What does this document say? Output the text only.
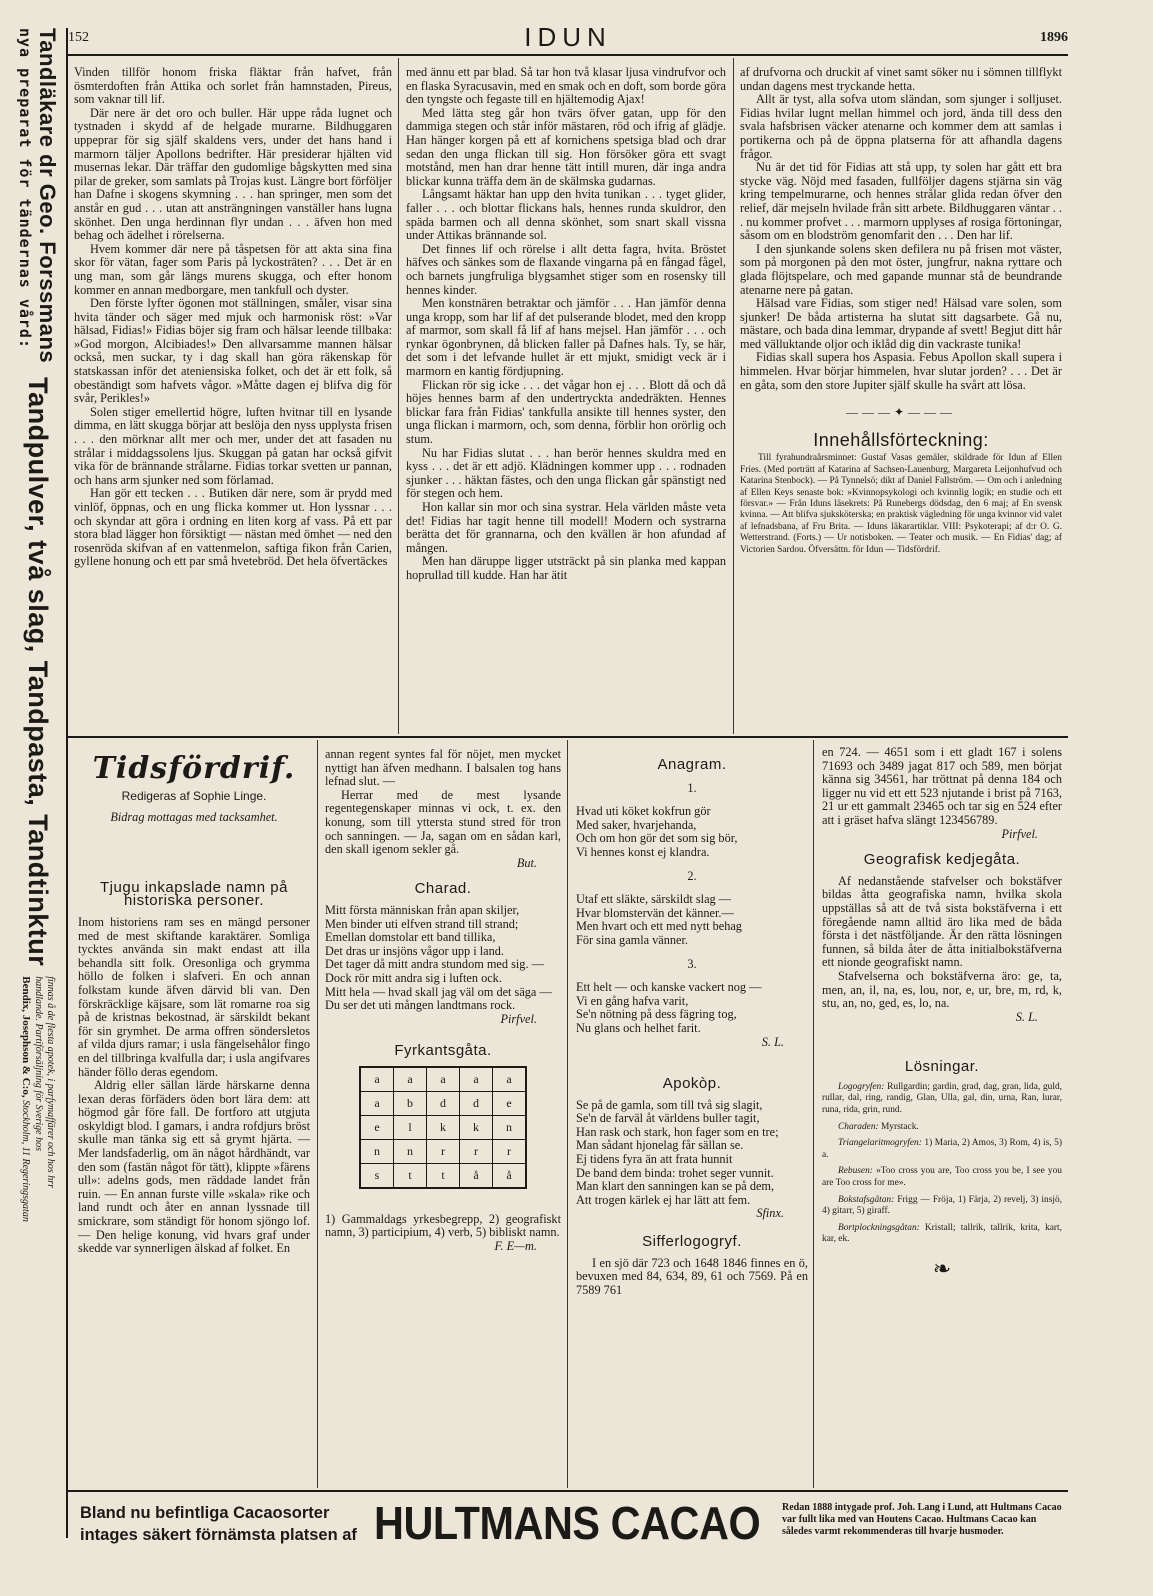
Tandläkare dr Geo. Forssmans
nya preparat för tändernas vård:
Tandpulver, två slag, Tandpasta, Tandtinktur
finnas å de flesta apotek, i parfymaffärer och hos hrr
handlande. Partiförsäljning för Sverige hos
Bendix, Josephson & C:o, Stockholm, 11 Regeringsgatan
152	IDUN	1896

Vinden tillför honom friska fläktar från hafvet, från ösmterdoften från Attika och sorlet från hamnstaden, Pireus, som vaknar till lif.

Där nere är det oro och buller. Här uppe råda lugnet och tystnaden i skydd af de helgade murarne. Bildhuggaren uppeprar för sig själf skaldens vers, under det hans hand i marmorn täljer Apollons bedrifter. Här presiderar hjälten vid musernas lekar. Där träffar den gudomlige bågskytten med sina pilar de greker, som samlats på Trojas kust. Längre bort förföljer han Dafne i skogens skymning . . . han springer, men som det anstår en gud . . . utan att ansträngningen vanställer hans lugna skönhet. Den unga herdinnan flyr undan . . . äfven hon med behag och ädelhet i rörelserna.

Hvem kommer där nere på tåspetsen för att akta sina fina skor för vätan, fager som Paris på lyckosträten? . . . Det är en ung man, som går längs murens skugga, och efter honom kommer en annan medborgare, men tankfull och dyster.

Den förste lyfter ögonen mot ställningen, småler, visar sina hvita tänder och säger med mjuk och harmonisk röst: »Var hälsad, Fidias!» Fidias böjer sig fram och hälsar leende tillbaka: »God morgon, Alcibiades!» Den allvarsamme mannen hälsar också, men suckar, ty i dag skall han göra räkenskap för statskassan inför det ateniensiska folket, och det är ett folk, så obeständigt som hafvets vågor. »Måtte dagen ej blifva dig för svår, Perikles!»

Solen stiger emellertid högre, luften hvitnar till en lysande dimma, en lätt skugga börjar att beslöja den nyss upplysta frisen . . . den mörknar allt mer och mer, under det att fasaden nu strålar i middagssolens ljus. Skuggan på gatan har också gifvit vika för de brännande strålarne. Fidias torkar svetten ur pannan, och hans arm sjunker ned som förlamad.

Han gör ett tecken . . . Butiken där nere, som är prydd med vinlöf, öppnas, och en ung flicka kommer ut. Hon lyssnar . . . och skyndar att göra i ordning en liten korg af vass. På ett par stora blad lägger hon försiktigt — nästan med ömhet — ned den rosenröda skifvan af en vattenmelon, saftiga fikon från Carien, gyllene honung och ett par små hvetebröd. Det hela öfvertäckes

med ännu ett par blad. Så tar hon två klasar ljusa vindrufvor och en flaska Syracusavin, med en smak och en doft, som borde göra den tyngste och fegaste till en hjältemodig Ajax!

Med lätta steg går hon tvärs öfver gatan, upp för den dammiga stegen och står inför mästaren, röd och ifrig af glädje. Han hänger korgen på ett af kornichens spetsiga blad och drar sedan den unga flickan till sig. Hon försöker göra ett svagt motstånd, men han drar henne tätt intill muren, där inga andra blickar kunna träffa dem än de skälmska gudarnas.

Långsamt häktar han upp den hvita tunikan . . . tyget glider, faller . . . och blottar flickans hals, hennes runda skuldror, den späda barmen och all denna skönhet, som snart skall vissna under Attikas brännande sol.

Det finnes lif och rörelse i allt detta fagra, hvita. Bröstet häfves och sänkes som de flaxande vingarna på en fångad fågel, och barnets jungfruliga blygsamhet stiger som en rosenskу till hennes kinder.

Men konstnären betraktar och jämför . . . Han jämför denna unga kropp, som har lif af det pulserande blodet, med den kropp af marmor, som skall få lif af hans mejsel. Han jämför . . . och rynkar ögonbrynen, då blicken faller på Dafnes hals. Ty, se här, det som i det lefvande hullet är ett mjukt, smidigt veck är i marmorn en kantig fördjupning.

Flickan rör sig icke . . . det vågar hon ej . . . Blott då och då höjes hennes barm af den undertryckta andedräkten. Hennes blickar fara från Fidias' tankfulla ansikte till hennes syster, den unga flickan i marmorn, och, som denna, förblir hon orörlig och stum.

Nu har Fidias slutat . . . han berör hennes skuldra med en kyss . . . det är ett adjö. Klädningen kommer upp . . . rodnaden sjunker . . . häktan fästes, och den unga flickan går spänstigt ned för stegen och hem.

Hon kallar sin mor och sina systrar. Hela världen måste veta det! Fidias har tagit henne till modell! Modern och systrarna berätta det för grannarna, och den kvällen är hon afundad af mången.

Men han däruppe ligger utsträckt på sin planka med kappan hoprullad till kudde. Han har ätit

af drufvorna och druckit af vinet samt söker nu i sömnen tillflykt undan dagens mest tryckande hetta.

Allt är tyst, alla sofva utom sländan, som sjunger i solljuset. Fidias hvilar lugnt mellan himmel och jord, ända till dess den svala hafsbrisen väcker atenarne och kommer dem att samlas i portikerna och på de öppna platserna för att afhandla dagens frågor.

Nu är det tid för Fidias att stå upp, ty solen har gått ett bra stycke väg. Nöjd med fasaden, fullföljer dagens stjärna sin väg kring tempelmurarne, och hennes strålar glida redan öfver den relief, där mejseln hvilade från sitt arbete. Bildhuggaren väntar . . . nu kommer profvet . . . marmorn upplyses af rosiga förtoningar, såsom om en blodström genomfarit den . . . Den har lif.

I den sjunkande solens sken defilera nu på frisen mot väster, som på morgonen på den mot öster, jungfrur, nakna ryttare och glada flöjtspelare, och med gapande munnar stå de beundrande atenarne nere på gatan.

Hälsad vare Fidias, som stiger ned! Hälsad vare solen, som sjunker! De båda artisterna ha slutat sitt dagsarbete. Gå nu, mästare, och bada dina lemmar, drypande af svett! Begjut ditt hår med välluktande oljor och iklåd dig din vackraste tunika!

Fidias skall supera hos Aspasia. Febus Apollon skall supera i himmelen. Hvar börjar himmelen, hvar slutar jorden? . . . Det är en gåta, som den store Jupiter själf skulle ha svårt att lösa.

———✦———
Innehållsförteckning:
Till fyrahundraårsminnet: Gustaf Vasas gemäler, skildrade för Idun af Ellen Fries. (Med porträtt af Katarina af Sachsen-Lauenburg, Margareta Leijonhufvud och Katarina Stenbock). — På Tynnelsö; dikt af Daniel Fallström. — Om och i anledning af Ellen Keys senaste bok: »Kvinnopsykologi och kvinnlig logik; en studie och ett försvar.» — Från Iduns läsekrets: På Runebergs dödsdag, den 6 maj; af En svensk kvinna. — Att blifva sjuksköterska; en praktisk vägledning för unga kvinnor vid valet af lefnadsbana, af Fru Brita. — Iduns läkarartiklar. VIII: Psykoterapi; af d:r O. G. Wetterstrand. (Forts.) — Ur notisboken. — Teater och musik. — En Fidias' dag; af Victorien Sardou. Öfversättn. för Idun — Tidsfördrif.
Tidsfördrif.
Redigeras af Sophie Linge.
Bidrag mottagas med tacksamhet.
Tjugu inkapslade namn på historiska personer.

Inom historiens ram ses en mängd personer med de mest skiftande karaktärer. Somliga tycktes använda sin makt endast att illa behandla sitt folk. Oresonliga och grymma höllo de folken i slafveri. En och annan folkstam kunde äfven därvid bli van. Den förskräcklige käjsare, som lät romarne roa sig på de kristnas bekostnad, är särskildt bekant för sin grymhet. De arma offren söndersletos af vilda djurs ramar; i usla fängelsehålor fingo en del tillbringa kvalfulla dar; i usla angifvares händer föllo deras egendom.

Aldrig eller sällan lärde härskarne denna lexan deras förfäders öden bort lära dem: att högmod går före fall. De fortforo att utgjuta oskyldigt blod. I gamars, i andra rofdjurs bröst skulle man tänka sig ett så grymt hjärta. — Mer landsfaderlig, om än något hårdhändt, var den som (fastän något för tätt), klippte »färens ull»: adelns gods, men räddade landet från ruin. — En annan furste ville »skala» rike och land rundt och åter en annan lyssnade till smickrare, som ständigt för honom sjöngo lof. — Den helige konung, vid hvars graf under skedde var synnerligen älskad af folket. En

annan regent syntes fal för nöjet, men mycket nyttigt han äfven medhann. I balsalen tog hans lefnad slut. —

Herrar med de mest lysande regentegenskaper minnas vi ock, t. ex. den konung, som till yttersta stund stred för tron och sanningen. — Ja, sagan om en sådan karl, den skall igenom sekler gå.

But.
Charad.

Mitt första människan från apan skiljer,

Men binder uti elfven strand till strand;

Emellan domstolar ett band tillika,

Det dras ur insjöns vågor upp i land.

Det tager då mitt andra stundom med sig. —

Dock rör mitt andra sig i luften ock.

Mitt hela — hvad skall jag väl om det säga —

Du ser det uti mången landtmans rock.

Pirfvel.
Fyrkantsgåta.
a	a	a	a	a
a	b	d	d	e
e	l	k	k	n
n	n	r	r	r
s	t	t	å	å

1) Gammaldags yrkesbegrepp, 2) geografiskt namn, 3) participium, 4) verb, 5) bibliskt namn.

F. E—m.
Anagram.
1.

Hvad uti köket kokfrun gör

Med saker, hvarjehanda,

Och om hon gör det som sig bör,

Vi hennes konst ej klandra.

2.

Utaf ett släkte, särskildt slag —

Hvar blomstervän det känner.—

Men hvart och ett med nytt behag

För sina gamla vänner.

3.

Ett helt — och kanske vackert nog —

Vi en gång hafva varit,

Se'n nötning på dess fägring tog,

Nu glans och helhet farit.

S. L.
Apokòp.

Se på de gamla, som till två sig slagit,

Se'n de farväl åt världens buller tagit,

Han rask och stark, hon fager som en tre;

Man sådant hjonelag får sällan se.

Ej tidens fyra än att frata hunnit

De band dem binda: trohet seger vunnit.

Man klart den sanningen kan se på dem,

Att trogen kärlek ej har lätt att fem.

Sfinx.
Sifferlogogryf.

I en sjö där 723 och 1648 1846 finnes en ö, bevuxen med 84, 634, 89, 61 och 7569. På en 7589 761

en 724. — 4651 som i ett gladt 167 i solens 71693 och 3489 jagat 817 och 589, men börjat känna sig 34561, har tröttnat på denna 184 och ligger nu vid ett ett 523 njutande i brist på 7163, 21 ur ett gammalt 23465 och tar sig en 524 efter att i gräset hafva slängt 123456789.

Pirfvel.
Geografisk kedjegåta.

Af nedanstående stafvelser och bokstäfver bildas åtta geografiska namn, hvilka skola uppställas så att de två sista bokstäfverna i ett föregående namn alltid äro lika med de båda första i det nästföljande. Är den rätta lösningen funnen, så bilda åter de åtta initialbokstäfverna ett nionde geografiskt namn.

Stafvelserna och bokstäfverna äro: ge, ta, men, an, il, na, es, lou, nor, e, ur, bre, m, rd, k, stu, an, no, ged, es, lo, na.

S. L.
Lösningar.

Logogryfen: Rullgardin; gardin, grad, dag, gran, lida, guld, rullar, dal, ring, randig, Glan, Ulla, gal, din, urna, Ran, lurar, runa, rida, grin, rund.

Charaden: Myrstack.

Triangelaritmogryfen: 1) Maria, 2) Amos, 3) Rom, 4) is, 5) a.

Rebusen: »Too cross you are, Too cross you be, I see you are Too cross for me».

Bokstafsgåtan: Frigg — Fröja, 1) Färja, 2) revelj, 3) insjö, 4) gitarr, 5) giraff.

Bortplockningsgåtan: Kristall; tallrik, tallrik, krita, kart, kar, ek.

❧
Bland nu befintliga Cacaosorter
intages säkert förnämsta platsen af HULTMANS CACAO Redan 1888 intygade prof. Joh. Lang i Lund, att Hultmans Cacao var fullt lika med van Houtens Cacao. Hultmans Cacao kan således varmt rekommenderas till hvarje husmoder.
